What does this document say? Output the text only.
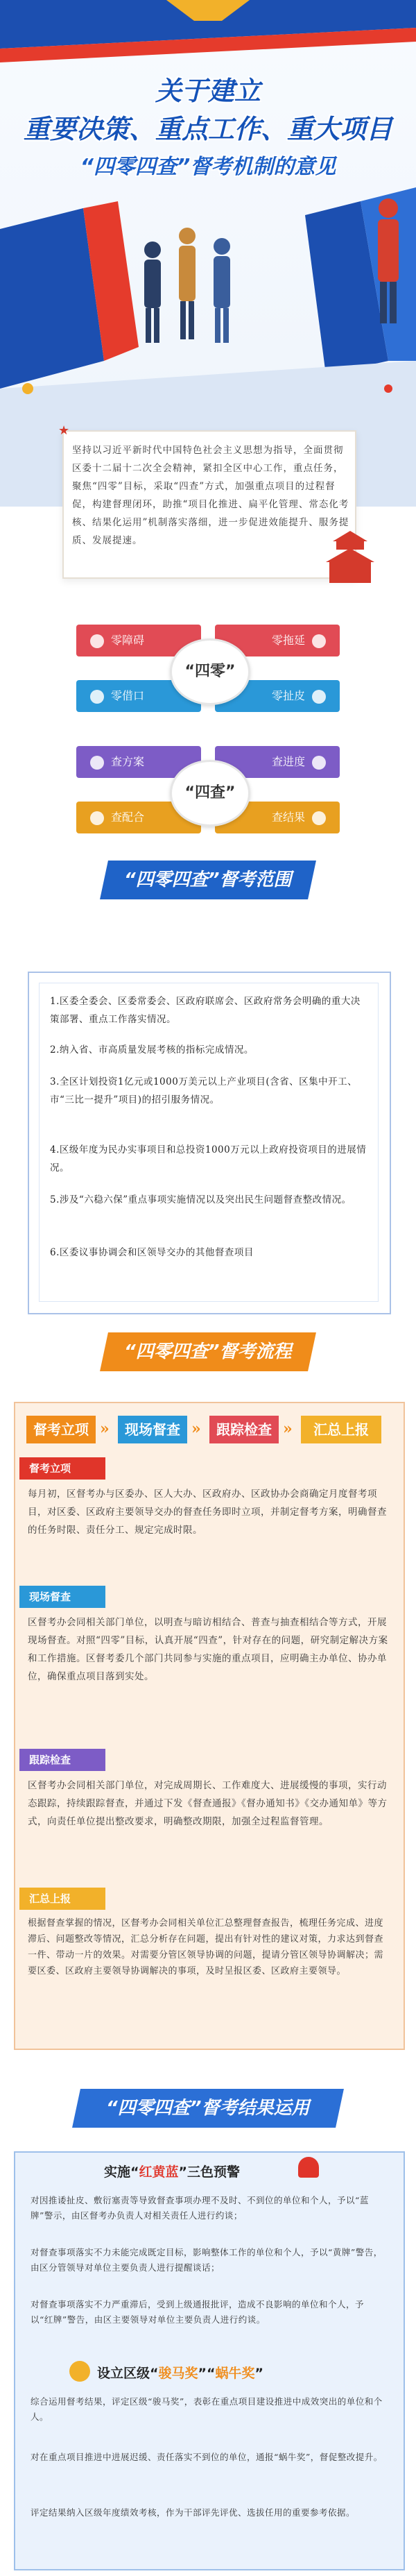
关于建立
重要决策、重点工作、重大项目
“四零四查”督考机制的意见
★
坚持以习近平新时代中国特色社会主义思想为指导，全面贯彻区委十二届十二次全会精神，紧扣全区中心工作，重点任务，聚焦“四零”目标，采取“四查”方式，加强重点项目的过程督促，构建督理闭环，助推“项目化推进、扁平化管理、常态化考核、结果化运用”机制落实落细，进一步促进效能提升、服务提质、发展提速。
零障碍	零拖延
零借口	零扯皮
“四零”
查方案	查进度
查配合	查结果
“四查”
“四零四查”督考范围
1.区委全委会、区委常委会、区政府联席会、区政府常务会明确的重大决策部署、重点工作落实情况。
2.纳入省、市高质量发展考核的指标完成情况。
3.全区计划投资1亿元或1000万美元以上产业项目(含省、区集中开工、市“三比一提升”项目)的招引服务情况。
4.区级年度为民办实事项目和总投资1000万元以上政府投资项目的进展情况。
5.涉及“六稳六保”重点事项实施情况以及突出民生问题督查整改情况。
6.区委议事协调会和区领导交办的其他督查项目
“四零四查”督考流程
督考立项 »	现场督查 »	跟踪检查 »	汇总上报
督考立项
每月初，区督考办与区委办、区人大办、区政府办、区政协办会商确定月度督考项目，对区委、区政府主要领导交办的督查任务即时立项，并制定督考方案，明确督查的任务时限、责任分工、规定完成时限。
现场督查
区督考办会同相关部门单位，以明查与暗访相结合、普查与抽查相结合等方式，开展现场督查。对照“四零”目标，认真开展“四查”，针对存在的问题，研究制定解决方案和工作措施。区督考委几个部门共同参与实施的重点项目，应明确主办单位、协办单位，确保重点项目落到实处。
跟踪检查
区督考办会同相关部门单位，对完成周期长、工作难度大、进展缓慢的事项，实行动态跟踪，持续跟踪督查，并通过下发《督查通报》《督办通知书》《交办通知单》等方式，向责任单位提出整改要求，明确整改期限，加强全过程监督管理。
汇总上报
根据督查掌握的情况，区督考办会同相关单位汇总整理督查报告，梳理任务完成、进度滞后、问题整改等情况，汇总分析存在问题，提出有针对性的建议对策，力求达到督查一件、带动一片的效果。对需要分管区领导协调的问题，提请分管区领导协调解决；需要区委、区政府主要领导协调解决的事项，及时呈报区委、区政府主要领导。
“四零四查”督考结果运用
实施“红黄蓝”三色预警
对因推诿扯皮、敷衍塞责等导致督查事项办理不及时、不到位的单位和个人，予以“蓝牌”警示，由区督考办负责人对相关责任人进行约谈；
对督查事项落实不力未能完成既定目标，影响整体工作的单位和个人，予以“黄牌”警告，由区分管领导对单位主要负责人进行提醒谈话；
对督查事项落实不力严重滞后，受到上级通报批评，造成不良影响的单位和个人，予以“红牌”警告，由区主要领导对单位主要负责人进行约谈。
设立区级“骏马奖”“蜗牛奖”
综合运用督考结果，评定区级“骏马奖”，表彰在重点项目建设推进中成效突出的单位和个人。
对在重点项目推进中进展迟缓、责任落实不到位的单位，通报“蜗牛奖”，督促整改提升。
评定结果纳入区级年度绩效考核，作为干部评先评优、选拔任用的重要参考依据。
